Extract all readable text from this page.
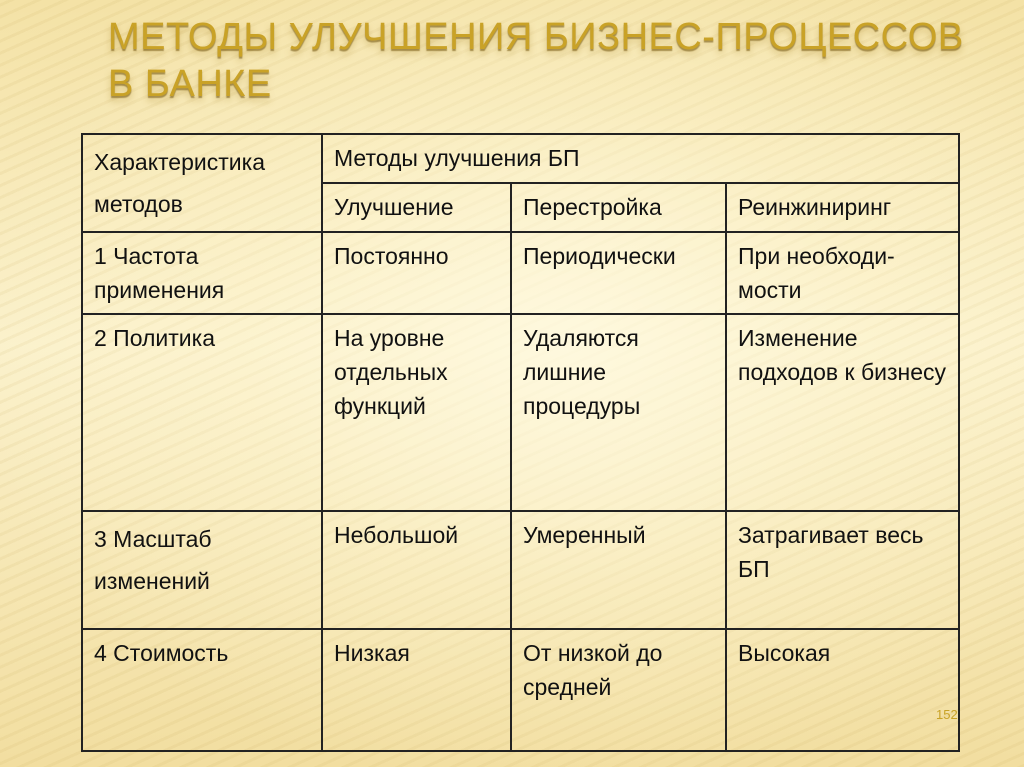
МЕТОДЫ УЛУЧШЕНИЯ БИЗНЕС-ПРОЦЕССОВ В БАНКЕ
Характеристика методов	Методы улучшения БП		

	Улучшение	Перестройка	Реинжиниринг

1 Частота применения	Постоянно	Периодически	При необходи-мости

2 Политика	На уровне отдельных функций	Удаляются лишние процедуры	Изменение подходов к бизнесу

3 Масштаб изменений	Небольшой	Умеренный	Затрагивает весь БП

4 Стоимость	Низкая	От низкой до средней	Высокая
152
